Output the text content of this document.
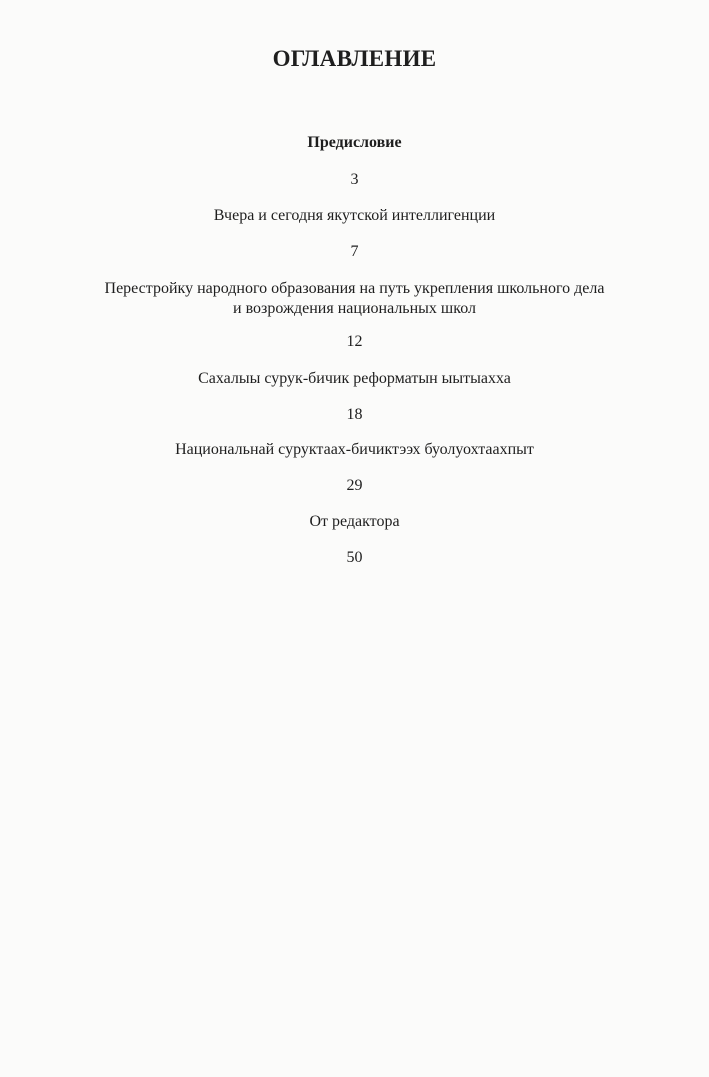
ОГЛАВЛЕНИЕ
Предисловие
3
Вчера и сегодня якутской интеллигенции
7
Перестройку народного образования на путь укрепления школьного дела
и возрождения национальных школ
12
Сахалыы сурук-бичик реформатын ыытыахха
18
Национальнай суруктаах-бичиктээх буолуохтаахпыт
29
От редактора
50
